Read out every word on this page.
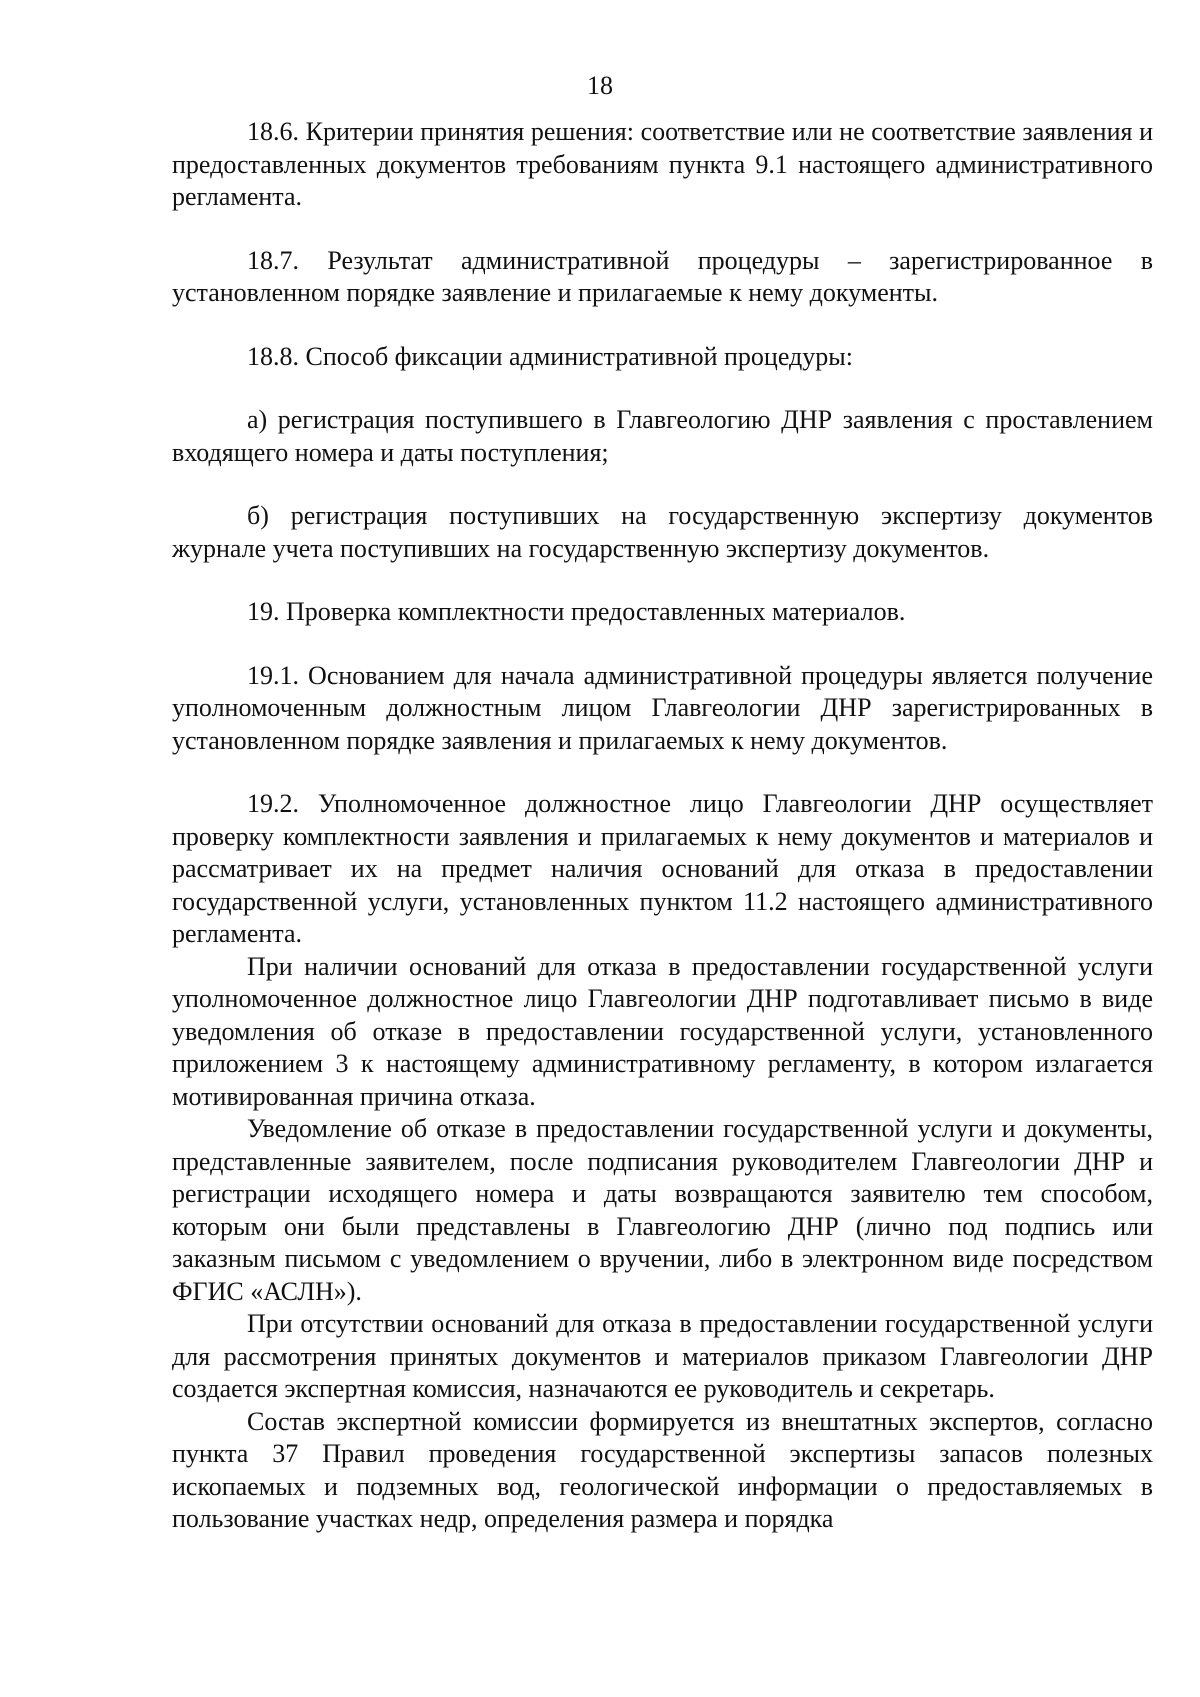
18

18.6. Критерии принятия решения: соответствие или не соответствие заявления и предоставленных документов требованиям пункта 9.1 настоящего административного регламента.

18.7. Результат административной процедуры – зарегистрированное в установленном порядке заявление и прилагаемые к нему документы.

18.8. Способ фиксации административной процедуры:

а) регистрация поступившего в Главгеологию ДНР заявления с проставлением входящего номера и даты поступления;

б) регистрация поступивших на государственную экспертизу документов журнале учета поступивших на государственную экспертизу документов.

19. Проверка комплектности предоставленных материалов.

19.1. Основанием для начала административной процедуры является получение уполномоченным должностным лицом Главгеологии ДНР зарегистрированных в установленном порядке заявления и прилагаемых к нему документов.

19.2. Уполномоченное должностное лицо Главгеологии ДНР осуществляет проверку комплектности заявления и прилагаемых к нему документов и материалов и рассматривает их на предмет наличия оснований для отказа в предоставлении государственной услуги, установленных пунктом 11.2 настоящего административного регламента.

При наличии оснований для отказа в предоставлении государственной услуги уполномоченное должностное лицо Главгеологии ДНР подготавливает письмо в виде уведомления об отказе в предоставлении государственной услуги, установленного приложением 3 к настоящему административному регламенту, в котором излагается мотивированная причина отказа.

Уведомление об отказе в предоставлении государственной услуги и документы, представленные заявителем, после подписания руководителем Главгеологии ДНР и регистрации исходящего номера и даты возвращаются заявителю тем способом, которым они были представлены в Главгеологию ДНР (лично под подпись или заказным письмом с уведомлением о вручении, либо в электронном виде посредством ФГИС «АСЛН»).

При отсутствии оснований для отказа в предоставлении государственной услуги для рассмотрения принятых документов и материалов приказом Главгеологии ДНР создается экспертная комиссия, назначаются ее руководитель и секретарь.

Состав экспертной комиссии формируется из внештатных экспертов, согласно пункта 37 Правил проведения государственной экспертизы запасов полезных ископаемых и подземных вод, геологической информации о предоставляемых в пользование участках недр, определения размера и порядка
